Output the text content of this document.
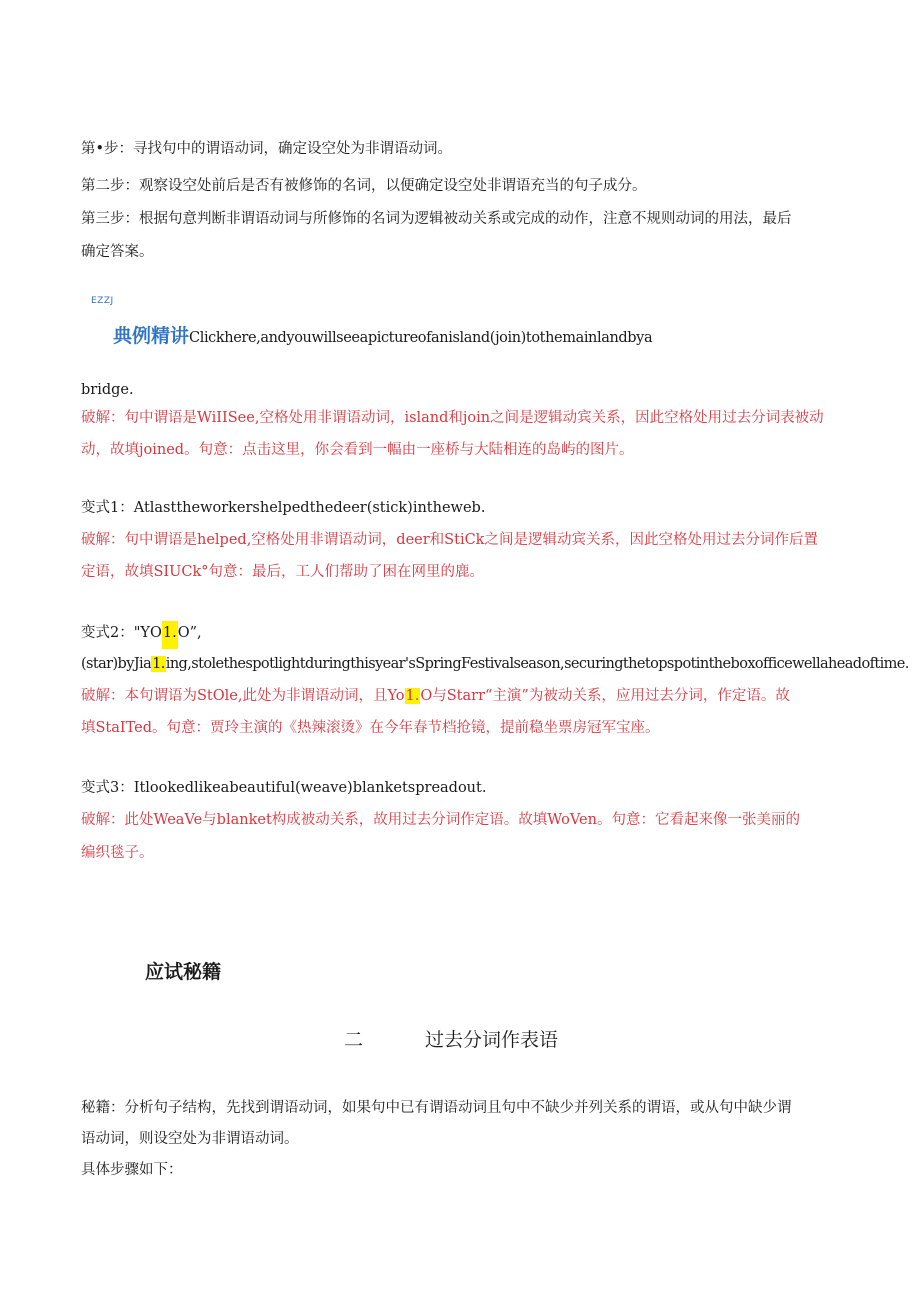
第•步：寻找句中的谓语动词，确定设空处为非谓语动词。
第二步：观察设空处前后是否有被修饰的名词，以便确定设空处非谓语充当的句子成分。
第三步：根据句意判断非谓语动词与所修饰的名词为逻辑被动关系或完成的动作，注意不规则动词的用法，最后
确定答案。
EZZJ
典例精讲Clickhere,andyouwillseeapictureofanisland(join)tothemainlandbya
bridge.
破解：句中谓语是WiIISee,空格处用非谓语动词，island和join之间是逻辑动宾关系，因此空格处用过去分词表被动
动，故填joined。句意：点击这里，你会看到一幅由一座桥与大陆相连的岛屿的图片。
变式1：Atlasttheworkershelpedthedeer(stick)intheweb.
破解：句中谓语是helped,空格处用非谓语动词，deer和StiCk之间是逻辑动宾关系，因此空格处用过去分词作后置
定语，故填SIUCk°句意：最后，工人们帮助了困在网里的鹿。
变式2："YO1.O”,
(star)byJia1.ing,stolethespotlightduringthisyear'sSpringFestivalseason,securingthetopspotintheboxofficewellaheadoftime.
破解：本句谓语为StOle,此处为非谓语动词，且Yo1.O与Starr“主演”为被动关系，应用过去分词，作定语。故
填StaITed。句意：贾玲主演的《热辣滚烫》在今年春节档抢镜，提前稳坐票房冠军宝座。
变式3：Itlookedlikeabeautiful(weave)blanketspreadout.
破解：此处WeaVe与blanket构成被动关系，故用过去分词作定语。故填WoVen。句意：它看起来像一张美丽的
编织毯子。
应试秘籍
二	过去分词作表语
秘籍：分析句子结构，先找到谓语动词，如果句中已有谓语动词且句中不缺少并列关系的谓语，或从句中缺少谓
语动词，则设空处为非谓语动词。
具体步骤如下：
